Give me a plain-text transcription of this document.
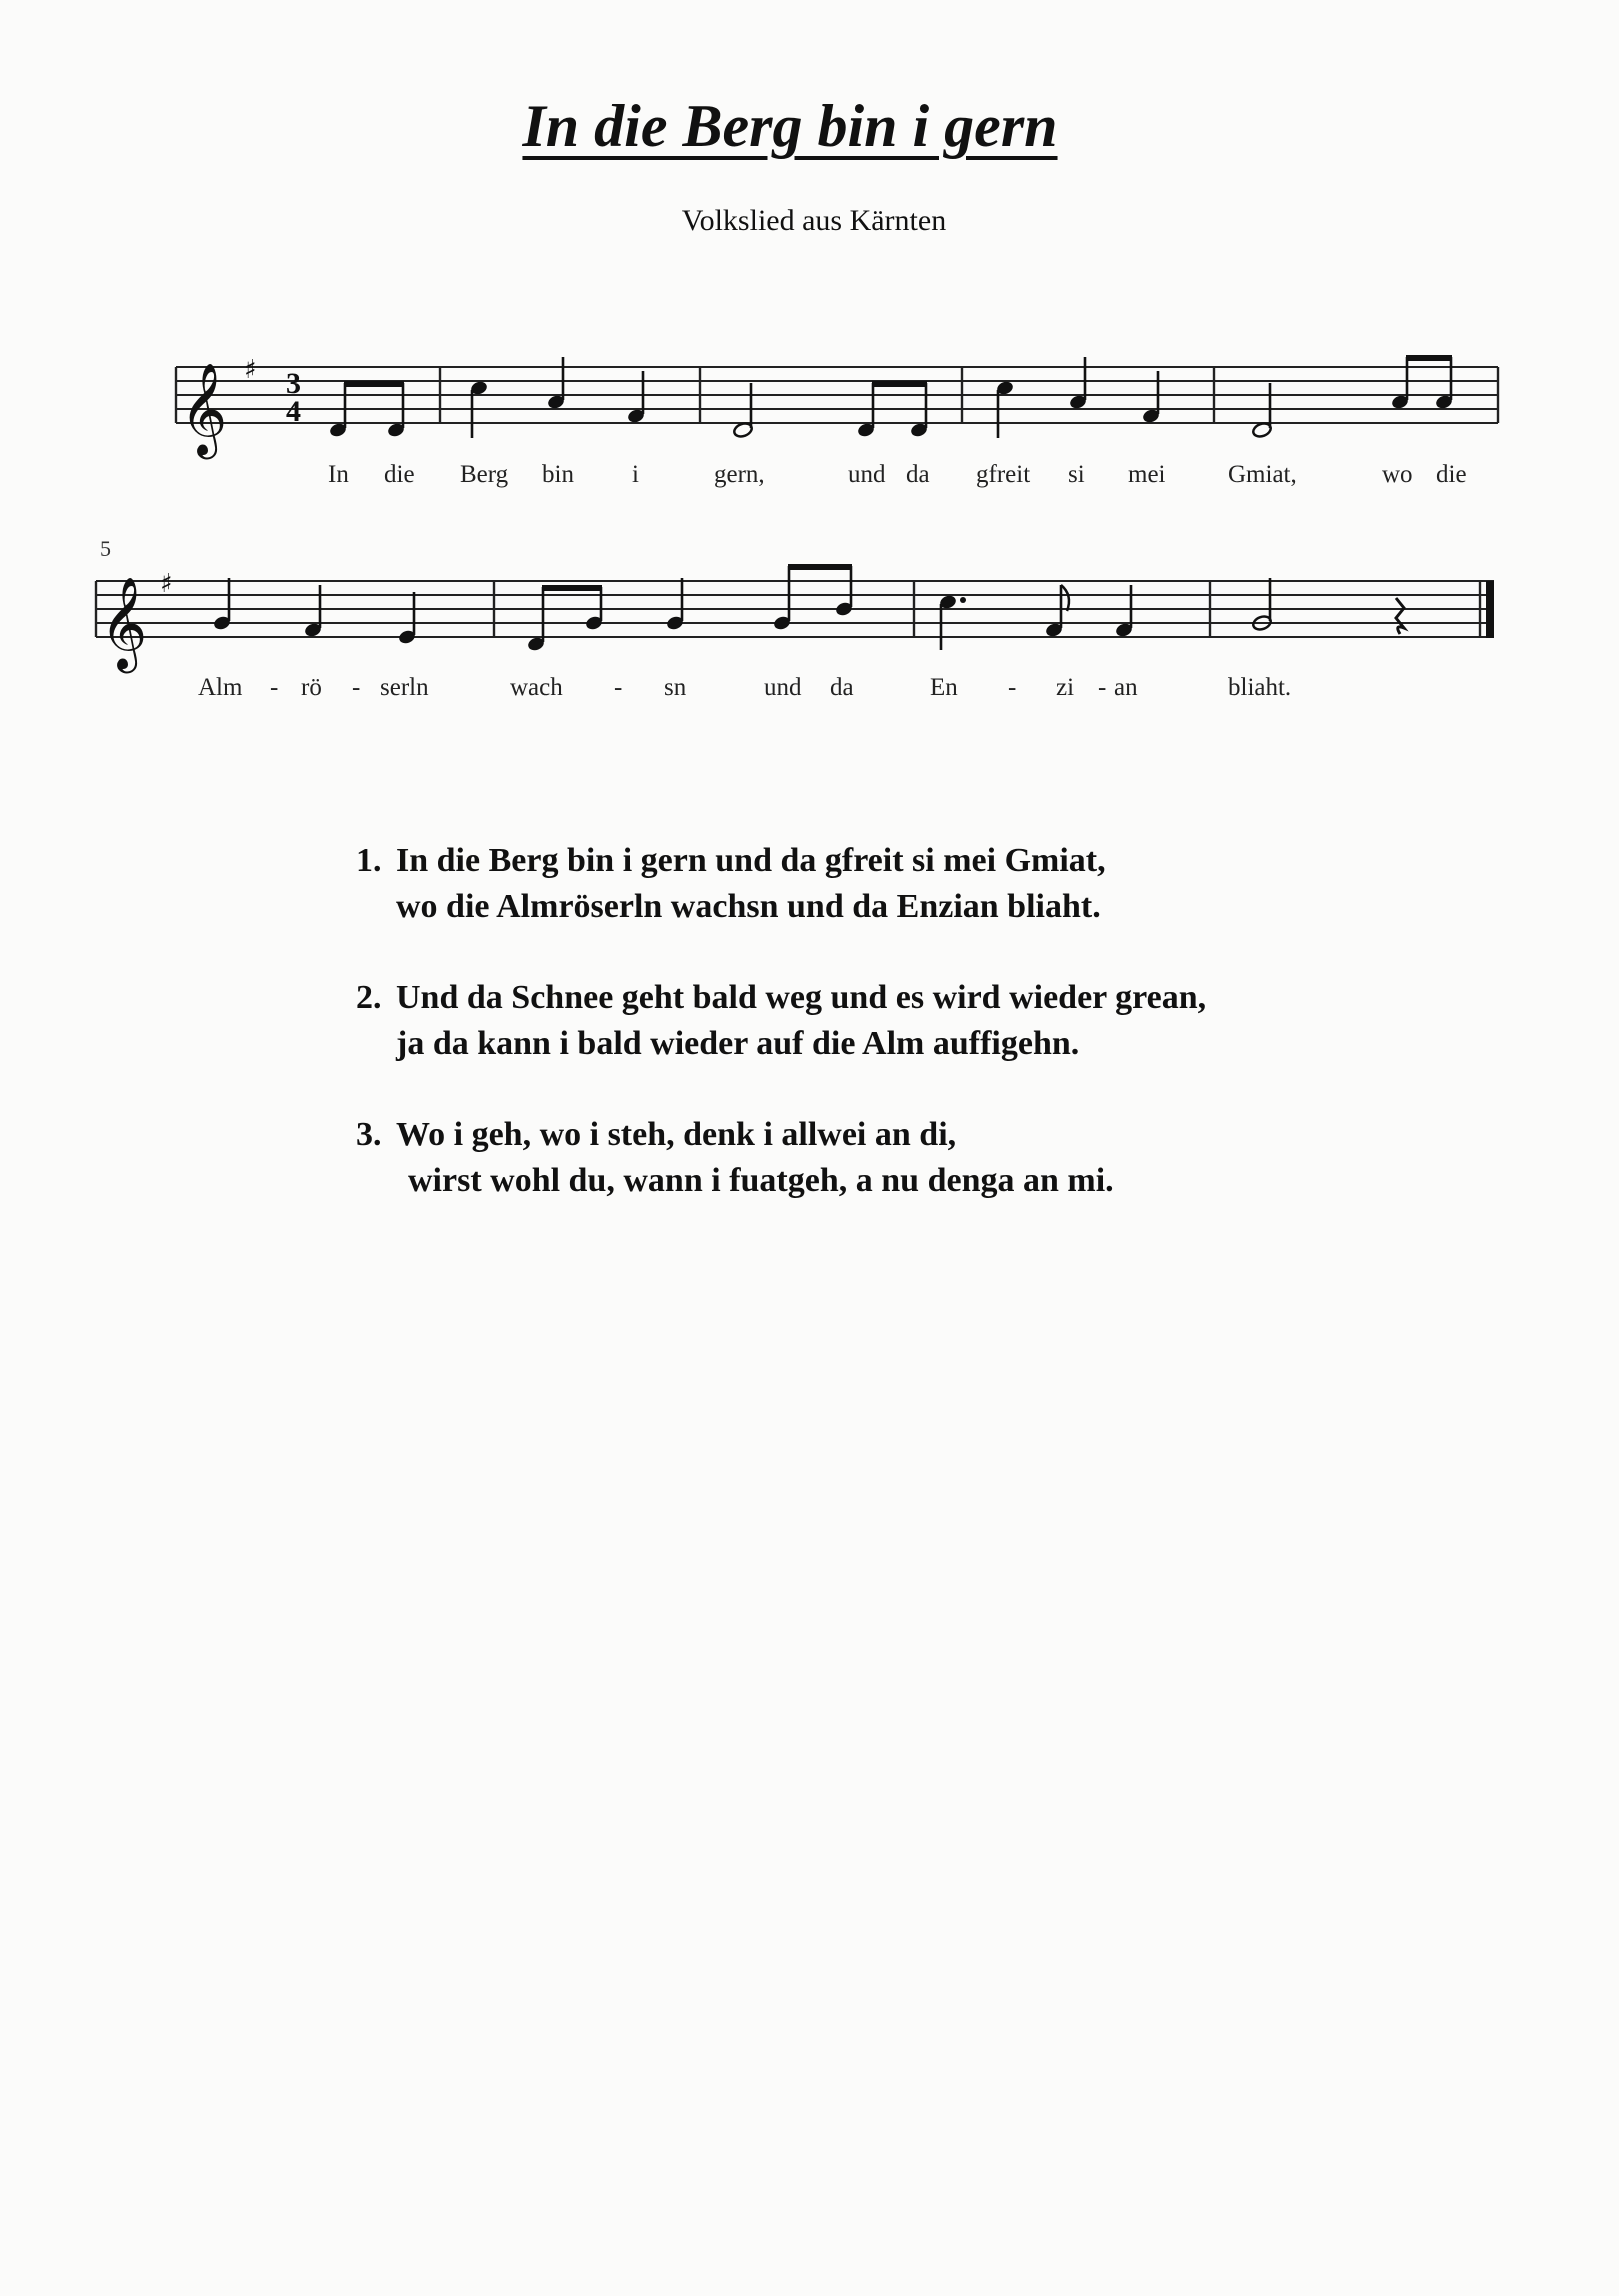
In die Berg bin i gern
Volkslied aus Kärnten
𝄞 ♯ 3
4
In die Berg bin i	gern,	und da gfreit si mei	Gmiat,	wo die
5
𝄞 ♯
Alm - rö - serln	wach - sn	und da	En - zi - an	bliaht.
1. In die Berg bin i gern und da gfreit si mei Gmiat,
wo die Almröserln wachsn und da Enzian bliaht.
2. Und da Schnee geht bald weg und es wird wieder grean,
ja da kann i bald wieder auf die Alm auffigehn.
3. Wo i geh, wo i steh, denk i allwei an di,
wirst wohl du, wann i fuatgeh, a nu denga an mi.
